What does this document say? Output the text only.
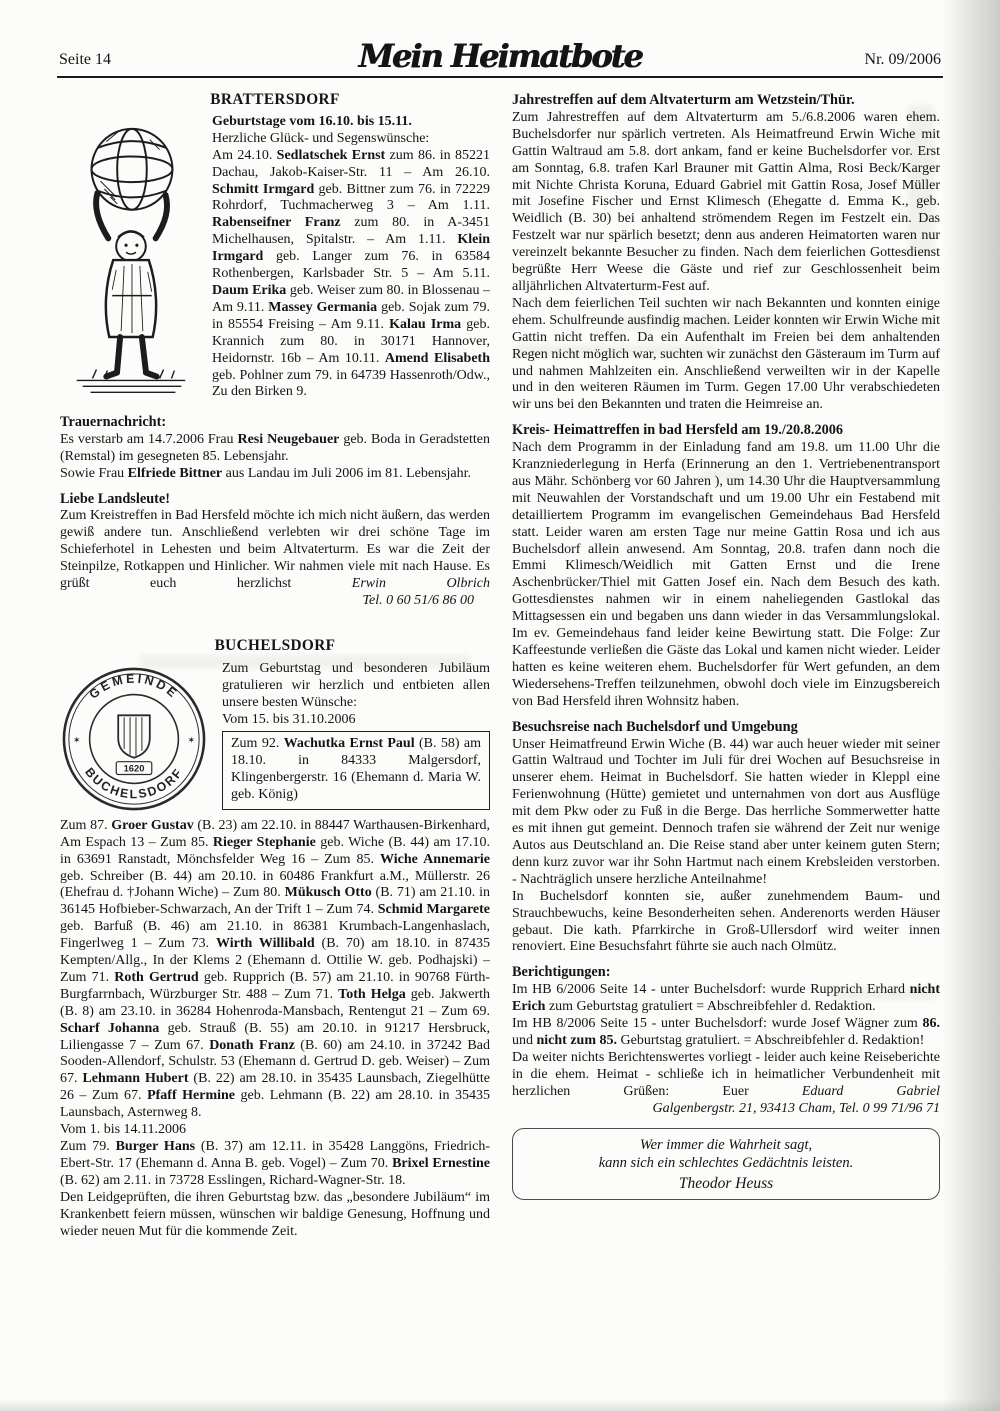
Seite 14	Mein Heimatbote	Nr. 09/2006
BRATTERSDORF

Geburtstage vom 16.10. bis 15.11.

Herzliche Glück- und Segenswünsche:

Am 24.10. Sedlatschek Ernst zum 86. in 85221 Dachau, Jakob-Kaiser-Str. 11 – Am 26.10. Schmitt Irmgard geb. Bittner zum 76. in 72229 Rohrdorf, Tuchmacherweg 3 – Am 1.11. Rabenseifner Franz zum 80. in A-3451 Michelhausen, Spitalstr. – Am 1.11. Klein Irmgard geb. Langer zum 76. in 63584 Rothenbergen, Karlsbader Str. 5 – Am 5.11. Daum Erika geb. Weiser zum 80. in Blossenau – Am 9.11. Massey Germania geb. Sojak zum 79. in 85554 Freising – Am 9.11. Kalau Irma geb. Krannich zum 80. in 30171 Hannover, Heidornstr. 16b – Am 10.11. Amend Elisabeth geb. Pohlner zum 79. in 64739 Hassenroth/Odw., Zu den Birken 9.

Trauernachricht:

Es verstarb am 14.7.2006 Frau Resi Neugebauer geb. Boda in Geradstetten (Remstal) im gesegneten 85. Lebensjahr.

Sowie Frau Elfriede Bittner aus Landau im Juli 2006 im 81. Lebensjahr.

Liebe Landsleute!

Zum Kreistreffen in Bad Hersfeld möchte ich mich nicht äußern, das werden gewiß andere tun. Anschließend verlebten wir drei schöne Tage im Schieferhotel in Lehesten und beim Altvaterturm. Es war die Zeit der Steinpilze, Rotkappen und Hinlicher. Wir nahmen viele mit nach Hause. Es grüßt euch herzlichst Erwin Olbrich

Tel. 0 60 51/6 86 00

BUCHELSDORF
GEMEINDE
BUCHELSDORF
✶	✶
1620

Zum Geburtstag und besonderen Jubiläum gratulieren wir herzlich und entbieten allen unsere besten Wünsche:

Vom 15. bis 31.10.2006

Zum 92. Wachutka Ernst Paul (B. 58) am 18.10. in 84333 Malgersdorf, Klingenbergerstr. 16 (Ehemann d. Maria W. geb. König)

Zum 87. Groer Gustav (B. 23) am 22.10. in 88447 Warthausen-Birkenhard, Am Espach 13 – Zum 85. Rieger Stephanie geb. Wiche (B. 44) am 17.10. in 63691 Ranstadt, Mönchsfelder Weg 16 – Zum 85. Wiche Annemarie geb. Schreiber (B. 44) am 20.10. in 60486 Frankfurt a.M., Müllerstr. 26 (Ehefrau d. †Johann Wiche) – Zum 80. Mükusch Otto (B. 71) am 21.10. in 36145 Hofbieber-Schwarzach, An der Trift 1 – Zum 74. Schmid Margarete geb. Barfuß (B. 46) am 21.10. in 86381 Krumbach-Langenhaslach, Fingerlweg 1 – Zum 73. Wirth Willibald (B. 70) am 18.10. in 87435 Kempten/Allg., In der Klems 2 (Ehemann d. Ottilie W. geb. Podhajski) – Zum 71. Roth Gertrud geb. Rupprich (B. 57) am 21.10. in 90768 Fürth-Burgfarrnbach, Würzburger Str. 488 – Zum 71. Toth Helga geb. Jakwerth (B. 8) am 23.10. in 36284 Hohenroda-Mansbach, Rentengut 21 – Zum 69. Scharf Johanna geb. Strauß (B. 55) am 20.10. in 91217 Hersbruck, Liliengasse 7 – Zum 67. Donath Franz (B. 60) am 24.10. in 37242 Bad Sooden-Allendorf, Schulstr. 53 (Ehemann d. Gertrud D. geb. Weiser) – Zum 67. Lehmann Hubert (B. 22) am 28.10. in 35435 Launsbach, Ziegelhütte 26 – Zum 67. Pfaff Hermine geb. Lehmann (B. 22) am 28.10. in 35435 Launsbach, Asternweg 8.

Vom 1. bis 14.11.2006

Zum 79. Burger Hans (B. 37) am 12.11. in 35428 Langgöns, Friedrich-Ebert-Str. 17 (Ehemann d. Anna B. geb. Vogel) – Zum 70. Brixel Ernestine (B. 62) am 2.11. in 73728 Esslingen, Richard-Wagner-Str. 18.

Den Leidgeprüften, die ihren Geburtstag bzw. das „besondere Jubiläum“ im Krankenbett feiern müssen, wünschen wir baldige Genesung, Hoffnung und wieder neuen Mut für die kommende Zeit.

Jahrestreffen auf dem Altvaterturm am Wetzstein/Thür.

Zum Jahrestreffen auf dem Altvaterturm am 5./6.8.2006 waren ehem. Buchelsdorfer nur spärlich vertreten. Als Heimatfreund Erwin Wiche mit Gattin Waltraud am 5.8. dort ankam, fand er keine Buchelsdorfer vor. Erst am Sonntag, 6.8. trafen Karl Brauner mit Gattin Alma, Rosi Beck/Karger mit Nichte Christa Koruna, Eduard Gabriel mit Gattin Rosa, Josef Müller mit Josefine Fischer und Ernst Klimesch (Ehegatte d. Emma K., geb. Weidlich (B. 30) bei anhaltend strömendem Regen im Festzelt ein. Das Festzelt war nur spärlich besetzt; denn aus anderen Heimatorten waren nur vereinzelt bekannte Besucher zu finden. Nach dem feierlichen Gottesdienst begrüßte Herr Weese die Gäste und rief zur Geschlossenheit beim alljährlichen Altvaterturm-Fest auf.

Nach dem feierlichen Teil suchten wir nach Bekannten und konnten einige ehem. Schulfreunde ausfindig machen. Leider konnten wir Erwin Wiche mit Gattin nicht treffen. Da ein Aufenthalt im Freien bei dem anhaltenden Regen nicht möglich war, suchten wir zunächst den Gästeraum im Turm auf und nahmen Mahlzeiten ein. Anschließend verweilten wir in der Kapelle und in den weiteren Räumen im Turm. Gegen 17.00 Uhr verabschiedeten wir uns bei den Bekannten und traten die Heimreise an.

Kreis- Heimattreffen in bad Hersfeld am 19./20.8.2006

Nach dem Programm in der Einladung fand am 19.8. um 11.00 Uhr die Kranzniederlegung in Herfa (Erinnerung an den 1. Vertriebenentransport aus Mähr. Schönberg vor 60 Jahren ), um 14.30 Uhr die Hauptversammlung mit Neuwahlen der Vorstandschaft und um 19.00 Uhr ein Festabend mit detailliertem Programm im evangelischen Gemeindehaus Bad Hersfeld statt. Leider waren am ersten Tage nur meine Gattin Rosa und ich aus Buchelsdorf allein anwesend. Am Sonntag, 20.8. trafen dann noch die Emmi Klimesch/Weidlich mit Gatten Ernst und die Irene Aschenbrücker/Thiel mit Gatten Josef ein. Nach dem Besuch des kath. Gottesdienstes nahmen wir in einem naheliegenden Gastlokal das Mittagsessen ein und begaben uns dann wieder in das Versammlungslokal. Im ev. Gemeindehaus fand leider keine Bewirtung statt. Die Folge: Zur Kaffeestunde verließen die Gäste das Lokal und kamen nicht wieder. Leider hatten es keine weiteren ehem. Buchelsdorfer für Wert gefunden, an dem Wiedersehens-Treffen teilzunehmen, obwohl doch viele im Einzugsbereich von Bad Hersfeld ihren Wohnsitz haben.

Besuchsreise nach Buchelsdorf und Umgebung

Unser Heimatfreund Erwin Wiche (B. 44) war auch heuer wieder mit seiner Gattin Waltraud und Tochter im Juli für drei Wochen auf Besuchsreise in unserer ehem. Heimat in Buchelsdorf. Sie hatten wieder in Kleppl eine Ferienwohnung (Hütte) gemietet und unternahmen von dort aus Ausflüge mit dem Pkw oder zu Fuß in die Berge. Das herrliche Sommerwetter hatte es mit ihnen gut gemeint. Dennoch trafen sie während der Zeit nur wenige Autos aus Deutschland an. Die Reise stand aber unter keinem guten Stern; denn kurz zuvor war ihr Sohn Hartmut nach einem Krebsleiden verstorben. - Nachträglich unsere herzliche Anteilnahme!

In Buchelsdorf konnten sie, außer zunehmendem Baum- und Strauchbewuchs, keine Besonderheiten sehen. Anderenorts werden Häuser gebaut. Die kath. Pfarrkirche in Groß-Ullersdorf wird weiter innen renoviert. Eine Besuchsfahrt führte sie auch nach Olmütz.

Berichtigungen:

Im HB 6/2006 Seite 14 - unter Buchelsdorf: wurde Rupprich Erhard nicht Erich zum Geburtstag gratuliert = Abschreibfehler d. Redaktion.

Im HB 8/2006 Seite 15 - unter Buchelsdorf: wurde Josef Wägner zum 86. und nicht zum 85. Geburtstag gratuliert. = Abschreibfehler d. Redaktion!

Da weiter nichts Berichtenswertes vorliegt - leider auch keine Reiseberichte in die ehem. Heimat - schließe ich in heimatlicher Verbundenheit mit herzlichen Grüßen: Euer Eduard Gabriel

Galgenbergstr. 21, 93413 Cham, Tel. 0 99 71/96 71

Wer immer die Wahrheit sagt,
kann sich ein schlechtes Gedächtnis leisten.
Theodor Heuss
